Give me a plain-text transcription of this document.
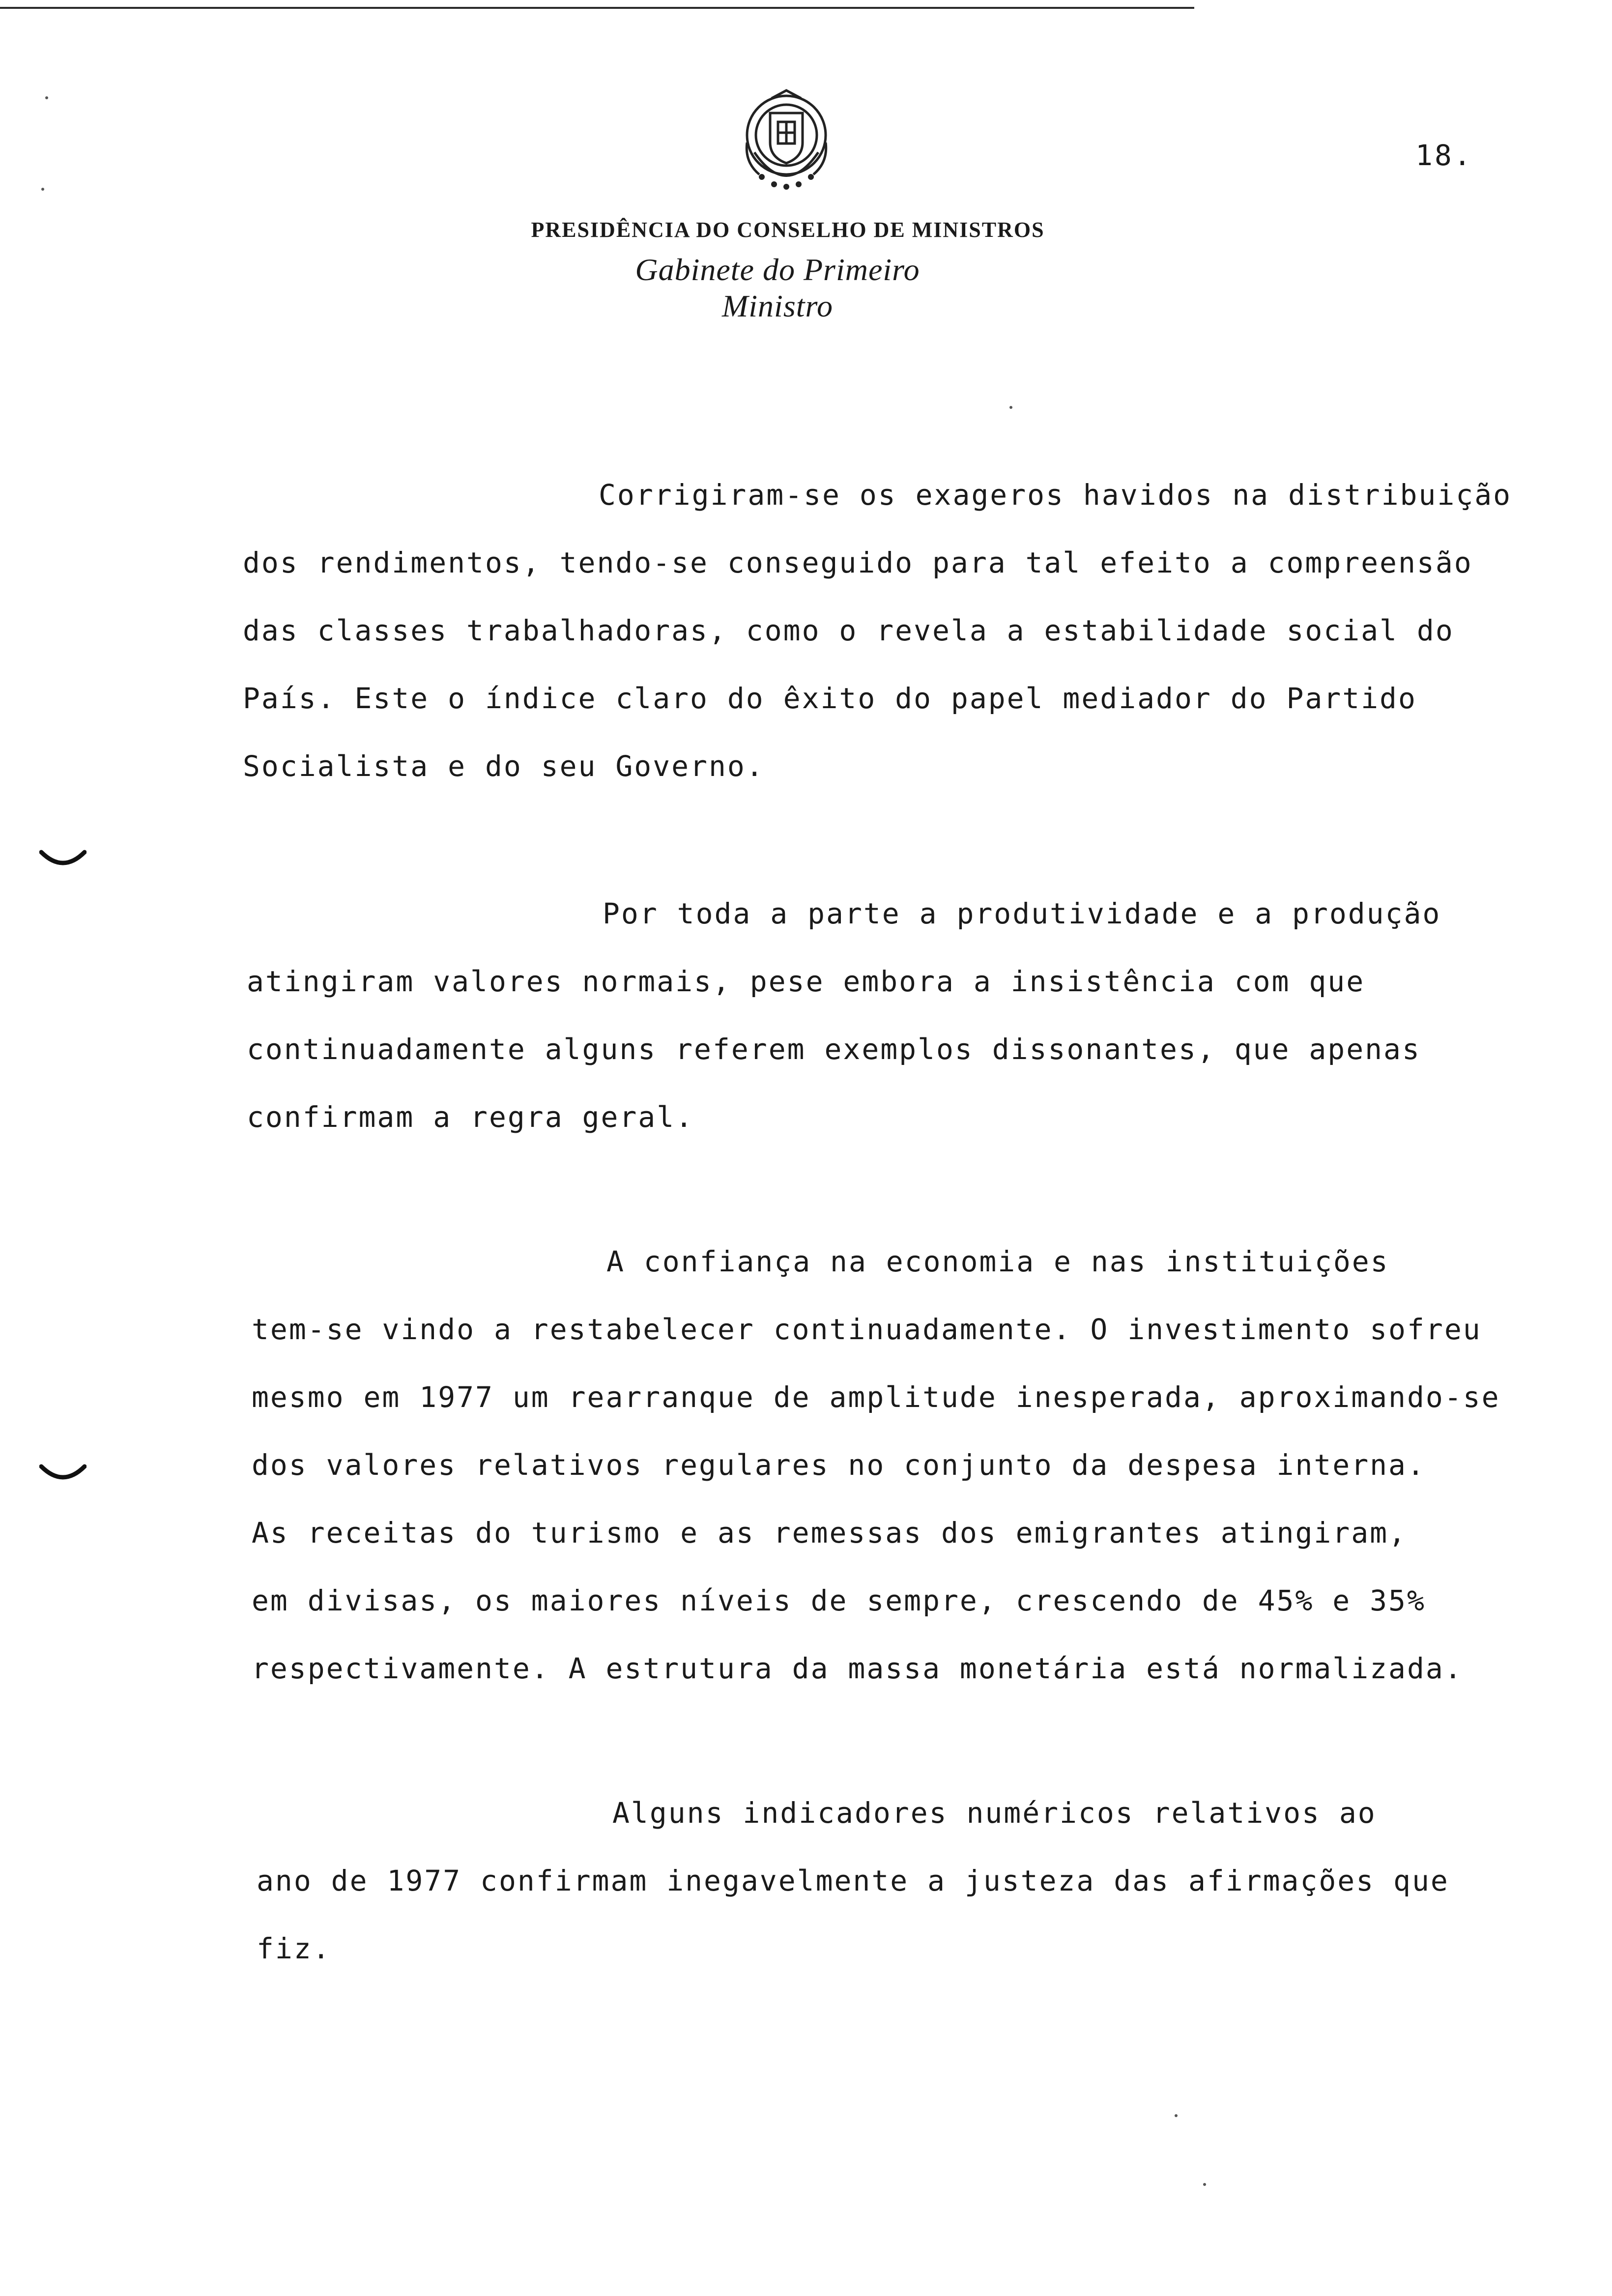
18.
PRESIDÊNCIA DO CONSELHO DE MINISTROS
Gabinete do Primeiro Ministro
Corrigiram-se os exageros havidos na distribuição
dos rendimentos, tendo-se conseguido para tal efeito a compreensão
das classes trabalhadoras, como o revela a estabilidade social do
País. Este o índice claro do êxito do papel mediador do Partido
Socialista e do seu Governo.
Por toda a parte a produtividade e a produção
atingiram valores normais, pese embora a insistência com que
continuadamente alguns referem exemplos dissonantes, que apenas
confirmam a regra geral.
A confiança na economia e nas instituições
tem-se vindo a restabelecer continuadamente. O investimento sofreu
mesmo em 1977 um rearranque de amplitude inesperada, aproximando-se
dos valores relativos regulares no conjunto da despesa interna.
As receitas do turismo e as remessas dos emigrantes atingiram,
em divisas, os maiores níveis de sempre, crescendo de 45% e 35%
respectivamente. A estrutura da massa monetária está normalizada.
Alguns indicadores numéricos relativos ao
ano de 1977 confirmam inegavelmente a justeza das afirmações que
fiz.
